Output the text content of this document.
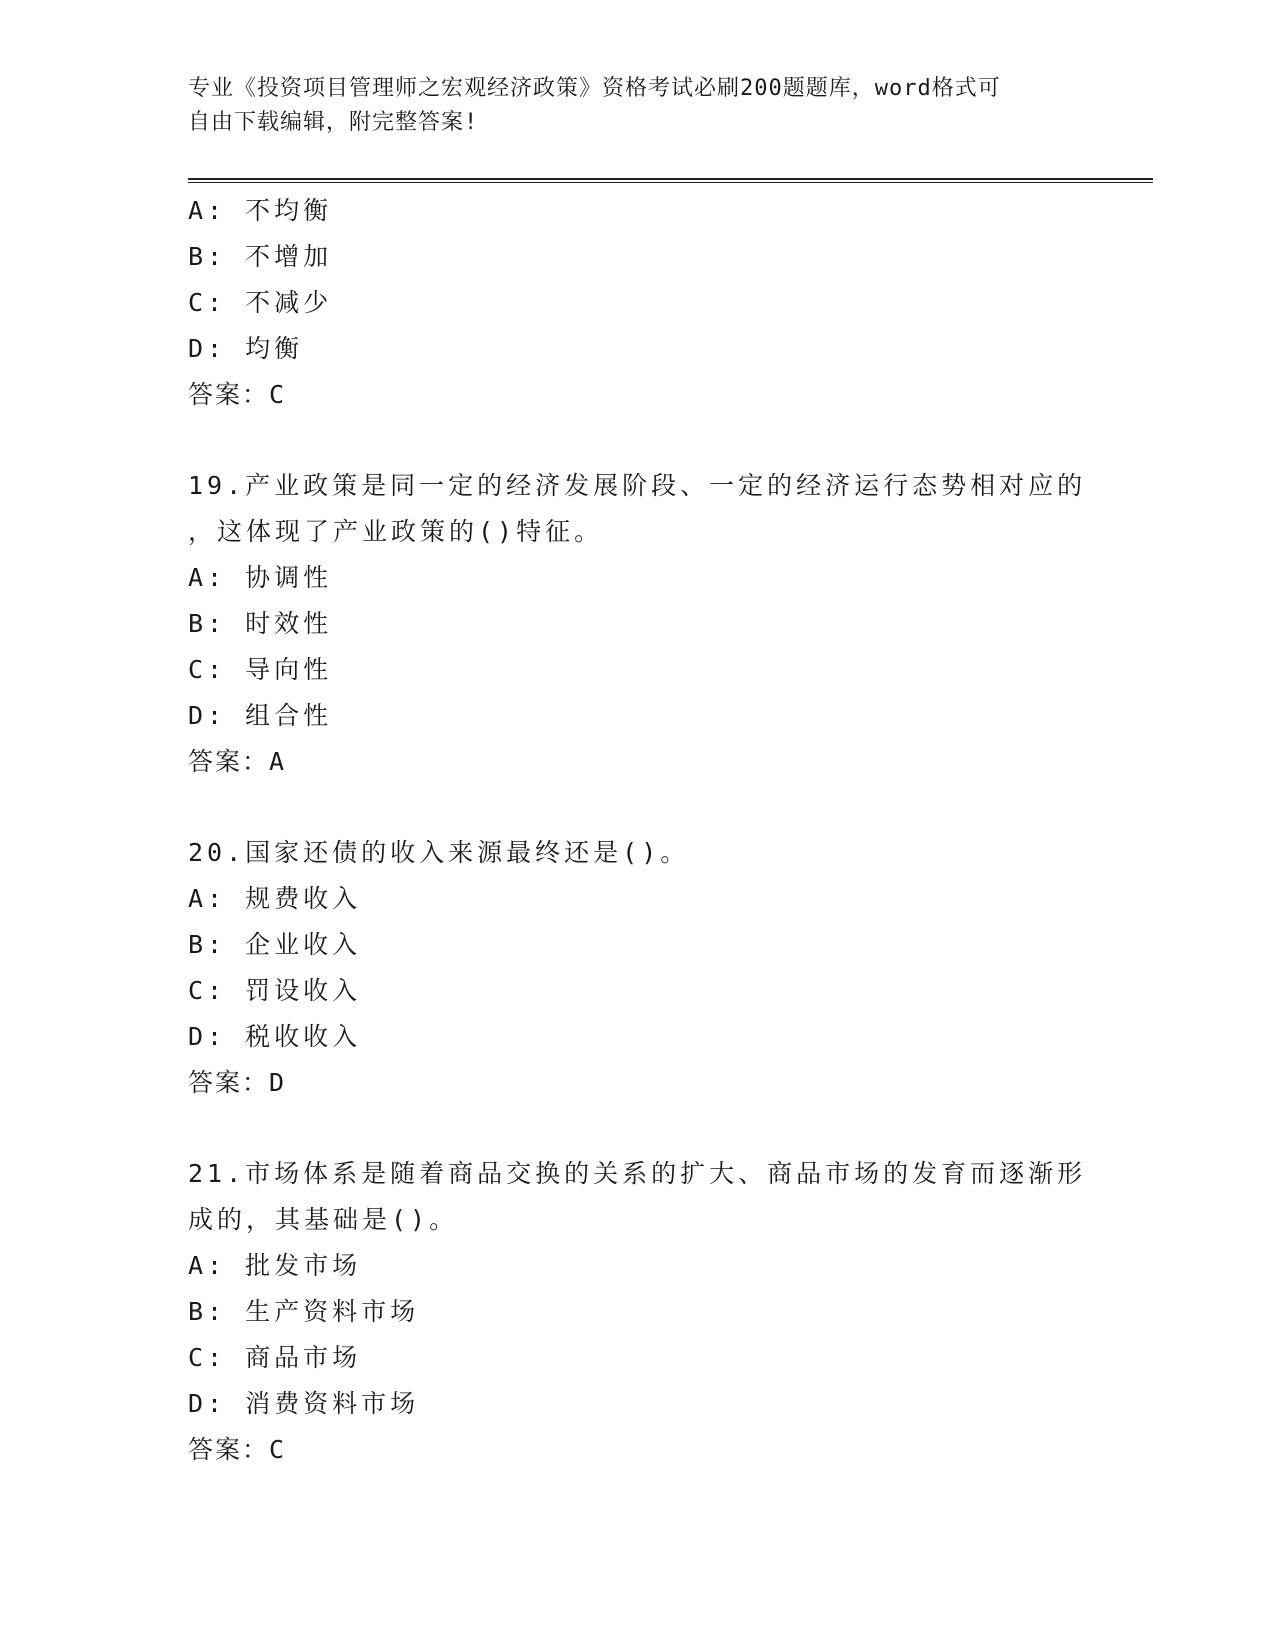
专业《投资项目管理师之宏观经济政策》资格考试必刷200题题库，word格式可
自由下载编辑，附完整答案!
A: 不均衡
B: 不增加
C: 不减少
D: 均衡
答案：C
19.产业政策是同一定的经济发展阶段、一定的经济运行态势相对应的
，这体现了产业政策的()特征。
A: 协调性
B: 时效性
C: 导向性
D: 组合性
答案：A
20.国家还债的收入来源最终还是()。
A: 规费收入
B: 企业收入
C: 罚设收入
D: 税收收入
答案：D
21.市场体系是随着商品交换的关系的扩大、商品市场的发育而逐渐形
成的，其基础是()。
A: 批发市场
B: 生产资料市场
C: 商品市场
D: 消费资料市场
答案：C
